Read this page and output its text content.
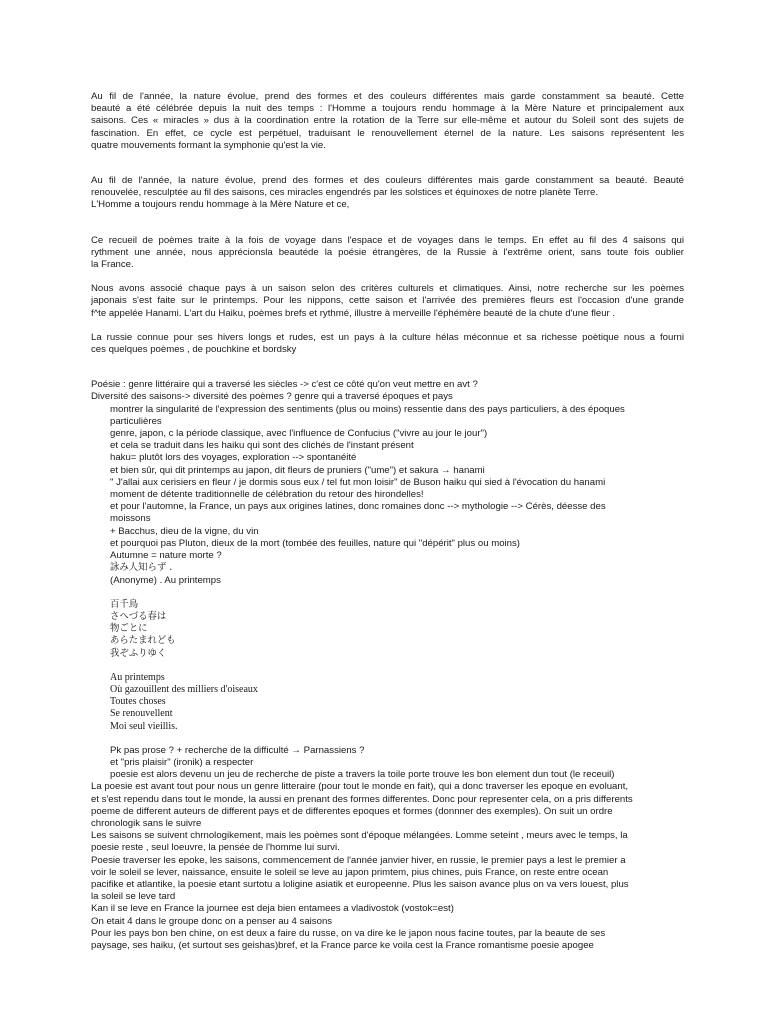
Au fil de l'année, la nature évolue, prend des formes et des couleurs différentes mais garde constamment sa beauté. Cette
beauté a été célébrée depuis la nuit des temps : l'Homme a toujours rendu hommage à la Mère Nature et principalement aux
saisons. Ces « miracles » dus à la coordination entre la rotation de la Terre sur elle-même et autour du Soleil sont des sujets de
fascination. En effet, ce cycle est perpétuel, traduisant le renouvellement éternel de la nature. Les saisons représentent les
quatre mouvements formant la symphonie qu'est la vie.

Au fil de l'année, la nature évolue, prend des formes et des couleurs différentes mais garde constamment sa beauté. Beauté
renouvelée, resculptée au fil des saisons, ces miracles engendrés par les solstices et équinoxes de notre planète Terre.
L'Homme a toujours rendu hommage à la Mère Nature et ce,

Ce recueil de poèmes traite à la fois de voyage dans l'espace et de voyages dans le temps. En effet au fil des 4 saisons qui
rythment une année, nous apprécionsla beautéde la poésie étrangères, de la Russie à l'extrême orient, sans toute fois oublier
la France.

Nous avons associé chaque pays à un saison selon des critères culturels et climatiques. Ainsi, notre recherche sur les poèmes
japonais s'est faite sur le printemps. Pour les nippons, cette saison et l'arrivée des premières fleurs est l'occasion d'une grande
f^te appelée Hanami. L'art du Haiku, poèmes brefs et rythmé, illustre à merveille l'éphémère beauté de la chute d'une fleur .

La russie connue pour ses hivers longs et rudes, est un pays à la culture hélas méconnue et sa richesse poètique nous a fourni
ces quelques poèmes , de pouchkine et bordsky

Poésie : genre littéraire qui a traversé les siècles -> c'est ce côté qu'on veut mettre en avt ?
Diversité des saisons-> diversité des poèmes ? genre qui a traversé époques et pays
montrer la singularité de l'expression des sentiments (plus ou moins) ressentie dans des pays particuliers, à des époques
particulières
genre, japon, c la période classique, avec l'influence de Confucius ("vivre au jour le jour")
et cela se traduit dans les haiku qui sont des clichés de l'instant présent
haku= plutôt lors des voyages, exploration --> spontanéité
et bien sûr, qui dit printemps au japon, dit fleurs de pruniers ("ume") et sakura → hanami
" J'allai aux cerisiers en fleur / je dormis sous eux / tel fut mon loisir" de Buson haiku qui sied à l'évocation du hanami
moment de détente traditionnelle de célébration du retour des hirondelles!
et pour l'automne, la France, un pays aux origines latines, donc romaines donc --> mythologie --> Cérès, déesse des
moissons
+ Bacchus, dieu de la vigne, du vin
et pourquoi pas Pluton, dieux de la mort (tombée des feuilles, nature qui "dépérit" plus ou moins)
Autumne = nature morte ?
詠み人知らず .
(Anonyme) . Au printemps
百千鳥
さへづる春は
物ごとに
あらたまれども
我ぞふりゆく
Au printemps
Où gazouillent des milliers d'oiseaux
Toutes choses
Se renouvellent
Moi seul vieillis.
Pk pas prose ? + recherche de la difficulté → Parnassiens ?
et "pris plaisir" (ironik) a respecter
poesie est alors devenu un jeu de recherche de piste a travers la toile porte trouve les bon element dun tout (le receuil)
La poesie est avant tout pour nous un genre litteraire (pour tout le monde en fait), qui a donc traverser les epoque en evoluant,
et s'est rependu dans tout le monde, la aussi en prenant des formes differentes. Donc pour representer cela, on a pris differents
poeme de different auteurs de different pays et de differentes epoques et formes (donnner des exemples). On suit un ordre
chronologik sans le suivre
Les saisons se suivent chrnologikement, mais les poèmes sont d'époque mélangées. Lomme seteint , meurs avec le temps, la
poesie reste , seul loeuvre, la pensée de l'homme lui survi.
Poesie traverser les epoke, les saisons, commencement de l'année janvier hiver, en russie, le premier pays a lest le premier a
voir le soleil se lever, naissance, ensuite le soleil se leve au japon primtem, pius chines, puis France, on reste entre ocean
pacifike et atlantike, la poesie etant surtotu a loligine asiatik et europeenne. Plus les saison avance plus on va vers louest, plus
la soleil se leve tard
Kan il se leve en France la journee est deja bien entamees a vladivostok (vostok=est)
On etait 4 dans le groupe donc on a penser au 4 saisons
Pour les pays bon ben chine, on est deux a faire du russe, on va dire ke le japon nous facine toutes, par la beaute de ses
paysage, ses haiku, (et surtout ses geishas)bref, et la France parce ke voila cest la France romantisme poesie apogee
